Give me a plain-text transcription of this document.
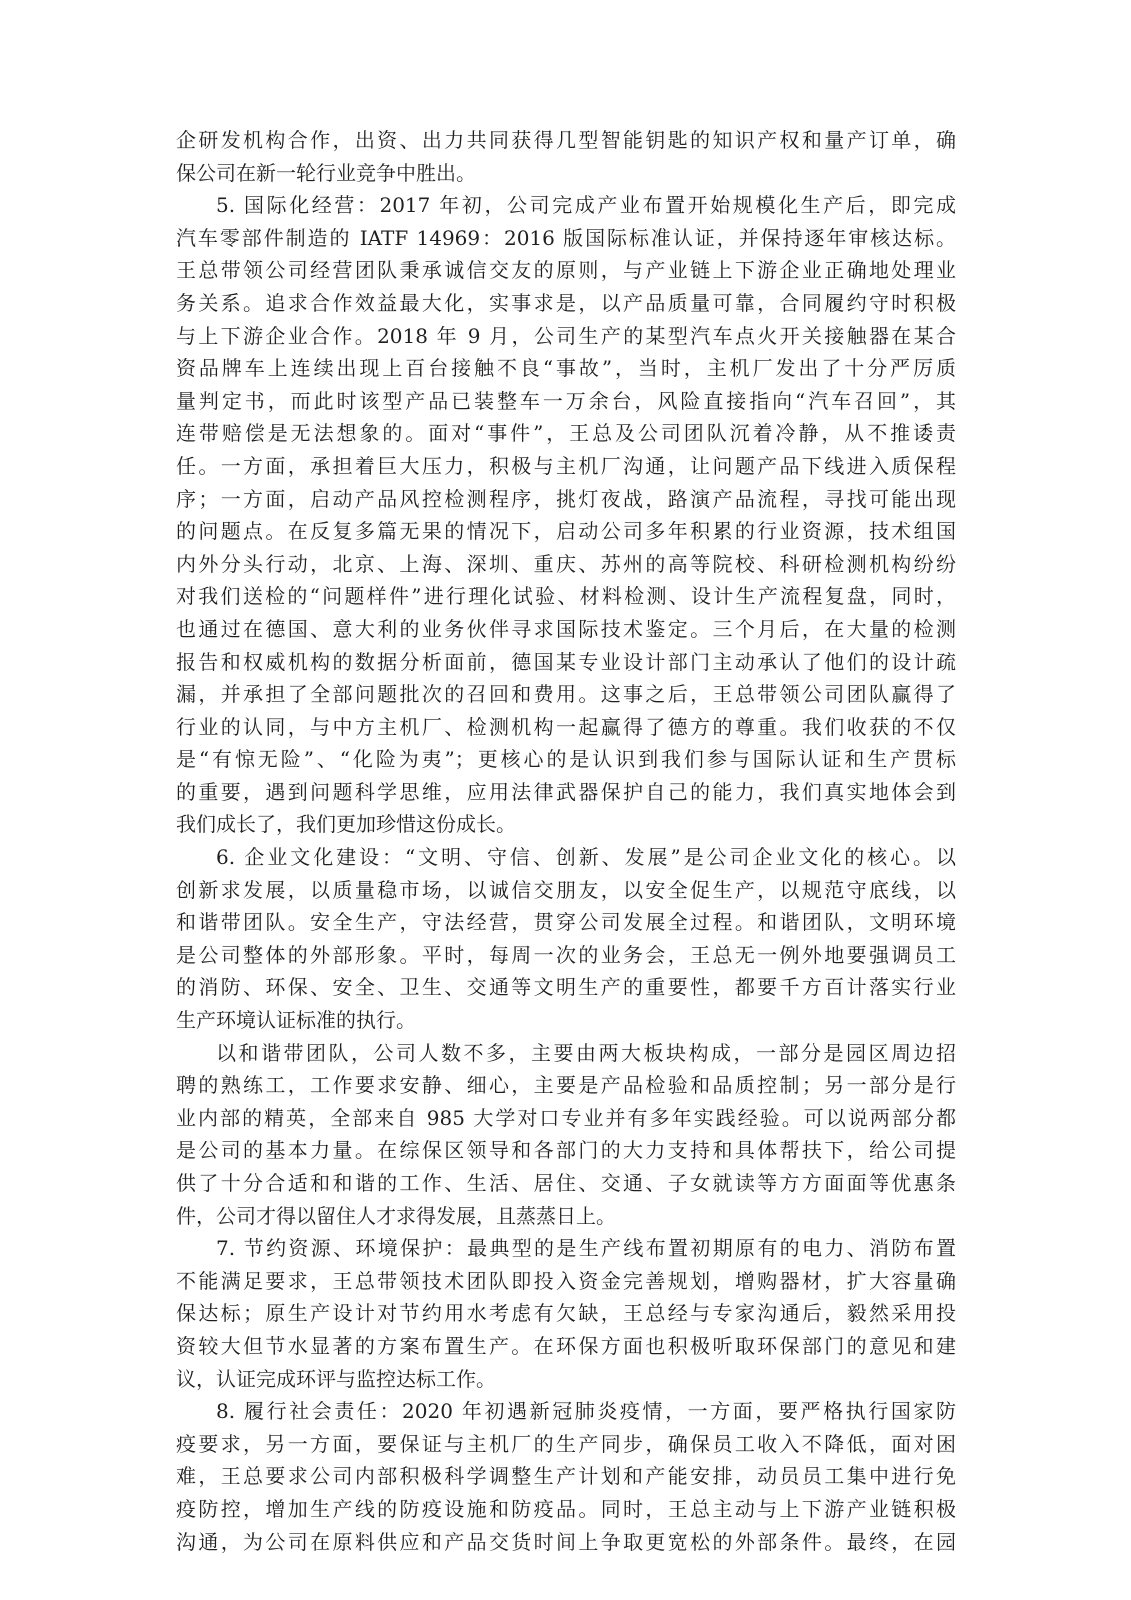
企研发机构合作，出资、出力共同获得几型智能钥匙的知识产权和量产订单，确
保公司在新一轮行业竞争中胜出。
5. 国际化经营：2017 年初，公司完成产业布置开始规模化生产后，即完成
汽车零部件制造的 IATF 14969：2016 版国际标准认证，并保持逐年审核达标。
王总带领公司经营团队秉承诚信交友的原则，与产业链上下游企业正确地处理业
务关系。追求合作效益最大化，实事求是，以产品质量可靠，合同履约守时积极
与上下游企业合作。2018 年 9 月，公司生产的某型汽车点火开关接触器在某合
资品牌车上连续出现上百台接触不良“事故”，当时，主机厂发出了十分严厉质
量判定书，而此时该型产品已装整车一万余台，风险直接指向“汽车召回”，其
连带赔偿是无法想象的。面对“事件”，王总及公司团队沉着冷静，从不推诿责
任。一方面，承担着巨大压力，积极与主机厂沟通，让问题产品下线进入质保程
序；一方面，启动产品风控检测程序，挑灯夜战，路演产品流程，寻找可能出现
的问题点。在反复多篇无果的情况下，启动公司多年积累的行业资源，技术组国
内外分头行动，北京、上海、深圳、重庆、苏州的高等院校、科研检测机构纷纷
对我们送检的“问题样件”进行理化试验、材料检测、设计生产流程复盘，同时，
也通过在德国、意大利的业务伙伴寻求国际技术鉴定。三个月后，在大量的检测
报告和权威机构的数据分析面前，德国某专业设计部门主动承认了他们的设计疏
漏，并承担了全部问题批次的召回和费用。这事之后，王总带领公司团队赢得了
行业的认同，与中方主机厂、检测机构一起赢得了德方的尊重。我们收获的不仅
是“有惊无险”、“化险为夷”；更核心的是认识到我们参与国际认证和生产贯标
的重要，遇到问题科学思维，应用法律武器保护自己的能力，我们真实地体会到
我们成长了，我们更加珍惜这份成长。
6. 企业文化建设：“文明、守信、创新、发展”是公司企业文化的核心。以
创新求发展，以质量稳市场，以诚信交朋友，以安全促生产，以规范守底线，以
和谐带团队。安全生产，守法经营，贯穿公司发展全过程。和谐团队，文明环境
是公司整体的外部形象。平时，每周一次的业务会，王总无一例外地要强调员工
的消防、环保、安全、卫生、交通等文明生产的重要性，都要千方百计落实行业
生产环境认证标准的执行。
以和谐带团队，公司人数不多，主要由两大板块构成，一部分是园区周边招
聘的熟练工，工作要求安静、细心，主要是产品检验和品质控制；另一部分是行
业内部的精英，全部来自 985 大学对口专业并有多年实践经验。可以说两部分都
是公司的基本力量。在综保区领导和各部门的大力支持和具体帮扶下，给公司提
供了十分合适和和谐的工作、生活、居住、交通、子女就读等方方面面等优惠条
件，公司才得以留住人才求得发展，且蒸蒸日上。
7. 节约资源、环境保护：最典型的是生产线布置初期原有的电力、消防布置
不能满足要求，王总带领技术团队即投入资金完善规划，增购器材，扩大容量确
保达标；原生产设计对节约用水考虑有欠缺，王总经与专家沟通后，毅然采用投
资较大但节水显著的方案布置生产。在环保方面也积极听取环保部门的意见和建
议，认证完成环评与监控达标工作。
8. 履行社会责任：2020 年初遇新冠肺炎疫情，一方面，要严格执行国家防
疫要求，另一方面，要保证与主机厂的生产同步，确保员工收入不降低，面对困
难，王总要求公司内部积极科学调整生产计划和产能安排，动员员工集中进行免
疫防控，增加生产线的防疫设施和防疫品。同时，王总主动与上下游产业链积极
沟通，为公司在原料供应和产品交货时间上争取更宽松的外部条件。最终，在园
